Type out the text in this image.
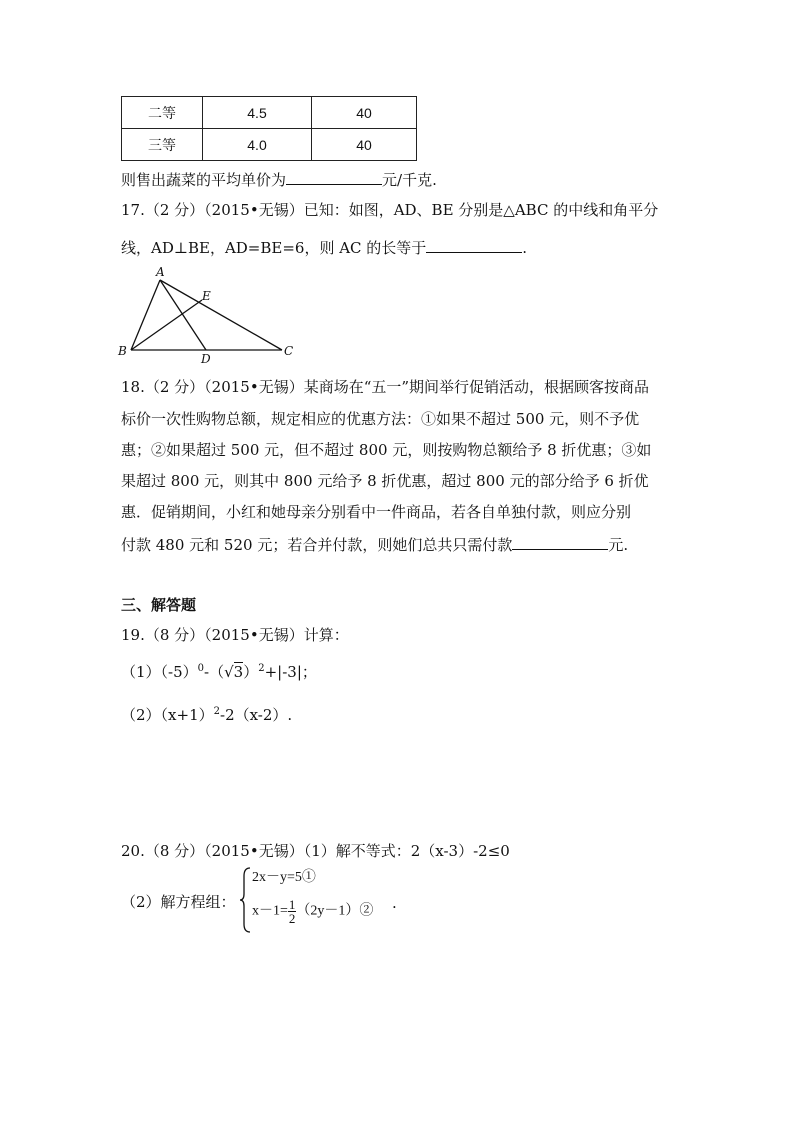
二等	4.5	40
三等	4.0	40
则售出蔬菜的平均单价为	元/千克.
17.（2 分）（2015•无锡）已知：如图，AD、BE 分别是△ABC 的中线和角平分
线，AD⊥BE，AD=BE=6，则 AC 的长等于	.
A
B	C
D
E
18.（2 分）（2015•无锡）某商场在“五一”期间举行促销活动，根据顾客按商品
标价一次性购物总额，规定相应的优惠方法：①如果不超过 500 元，则不予优
惠；②如果超过 500 元，但不超过 800 元，则按购物总额给予 8 折优惠；③如
果超过 800 元，则其中 800 元给予 8 折优惠，超过 800 元的部分给予 6 折优
惠．促销期间，小红和她母亲分别看中一件商品，若各自单独付款，则应分别
付款 480 元和 520 元；若合并付款，则她们总共只需付款	元.
三、解答题
19.（8 分）（2015•无锡）计算：
$(1)(-5)^0-(√3)^2+|-3|$；
$(2)(x+1)^2-2(x-2)$.
20.（8 分）（2015•无锡）（1）解不等式：2（x-3）-2≤0
（2）解方程组：
2x－y=5①
$x-1= \frac{1}{2}$ （2y－1）② .
